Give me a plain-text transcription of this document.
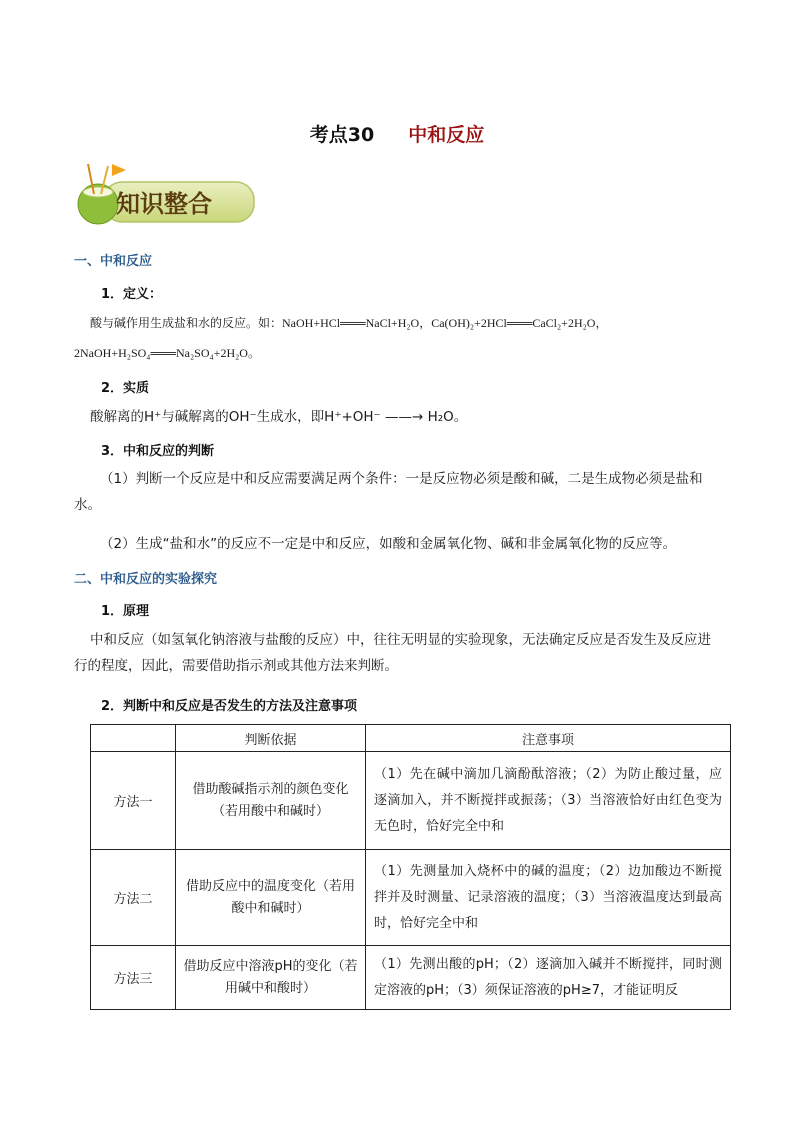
考点30 中和反应
知识整合
一、中和反应
1．定义：
酸与碱作用生成盐和水的反应。如：NaOH+HCl═══NaCl+H₂O，Ca(OH)₂+2HCl═══CaCl₂+2H₂O，
2NaOH+H₂SO₄═══Na₂SO₄+2H₂O。
2．实质
酸解离的H⁺与碱解离的OH⁻生成水，即H⁺+OH⁻ ——→ H₂O。
3．中和反应的判断
（1）判断一个反应是中和反应需要满足两个条件：一是反应物必须是酸和碱，二是生成物必须是盐和水。
（2）生成“盐和水”的反应不一定是中和反应，如酸和金属氧化物、碱和非金属氧化物的反应等。
二、中和反应的实验探究
1．原理
中和反应（如氢氧化钠溶液与盐酸的反应）中，往往无明显的实验现象，无法确定反应是否发生及反应进行的程度，因此，需要借助指示剂或其他方法来判断。
2．判断中和反应是否发生的方法及注意事项
	判断依据	注意事项
方法一	借助酸碱指示剂的颜色变化（若用酸中和碱时）	（1）先在碱中滴加几滴酚酞溶液；（2）为防止酸过量，应逐滴加入，并不断搅拌或振荡；（3）当溶液恰好由红色变为无色时，恰好完全中和
方法二	借助反应中的温度变化（若用酸中和碱时）	（1）先测量加入烧杯中的碱的温度；（2）边加酸边不断搅拌并及时测量、记录溶液的温度；（3）当溶液温度达到最高时，恰好完全中和
方法三	借助反应中溶液pH的变化（若用碱中和酸时）	（1）先测出酸的pH；（2）逐滴加入碱并不断搅拌，同时测定溶液的pH；（3）须保证溶液的pH≥7，才能证明反
